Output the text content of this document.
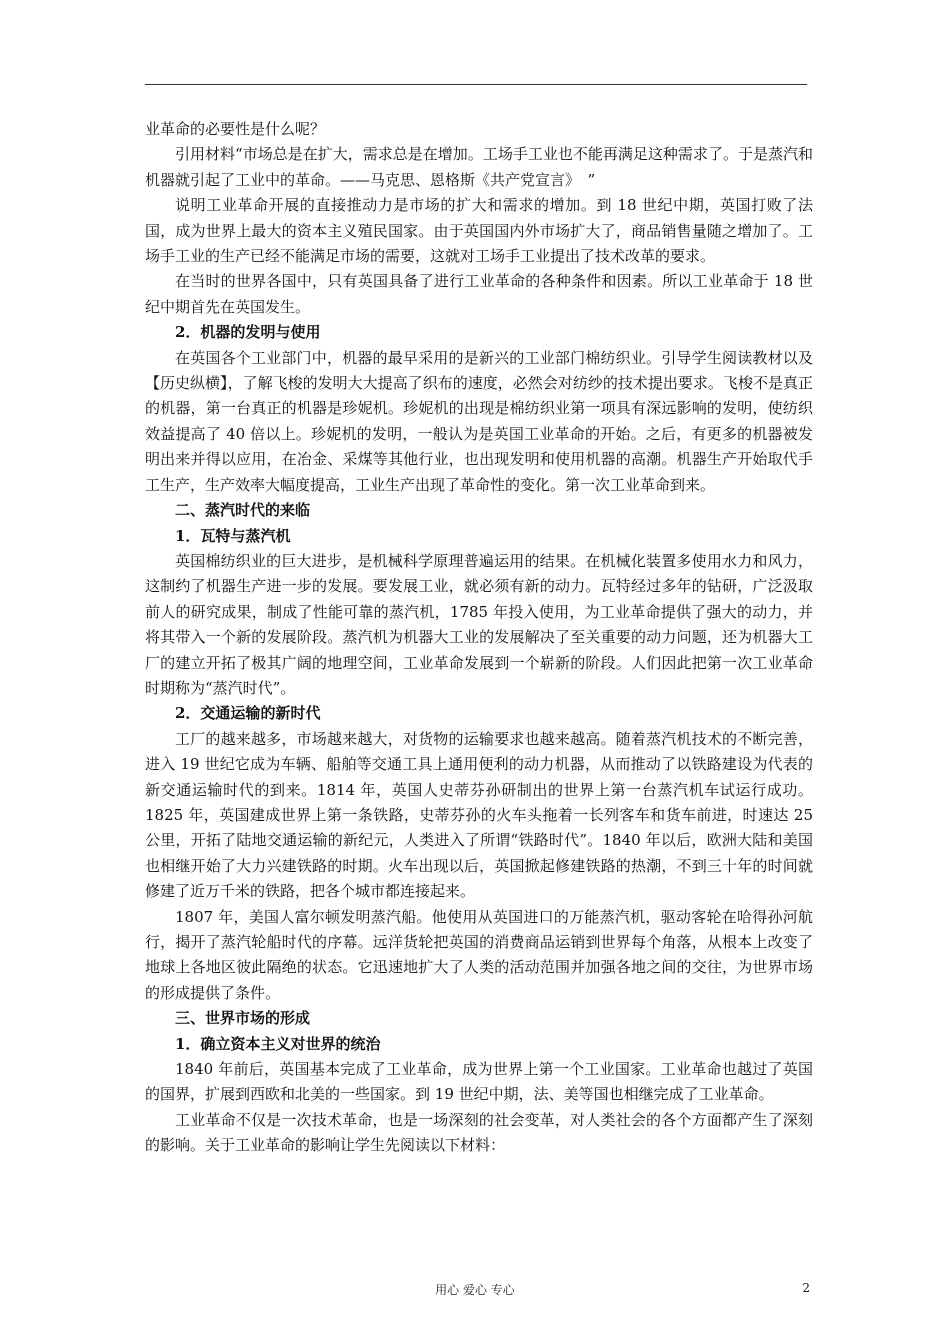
业革命的必要性是什么呢？

引用材料“市场总是在扩大，需求总是在增加。工场手工业也不能再满足这种需求了。于是蒸汽和机器就引起了工业中的革命。——马克思、恩格斯《共产党宣言》　”

说明工业革命开展的直接推动力是市场的扩大和需求的增加。到 18 世纪中期，英国打败了法国，成为世界上最大的资本主义殖民国家。由于英国国内外市场扩大了，商品销售量随之增加了。工场手工业的生产已经不能满足市场的需要，这就对工场手工业提出了技术改革的要求。

在当时的世界各国中，只有英国具备了进行工业革命的各种条件和因素。所以工业革命于 18 世纪中期首先在英国发生。

2．机器的发明与使用

在英国各个工业部门中，机器的最早采用的是新兴的工业部门棉纺织业。引导学生阅读教材以及【历史纵横】，了解飞梭的发明大大提高了织布的速度，必然会对纺纱的技术提出要求。飞梭不是真正的机器，第一台真正的机器是珍妮机。珍妮机的出现是棉纺织业第一项具有深远影响的发明，使纺织效益提高了 40 倍以上。珍妮机的发明，一般认为是英国工业革命的开始。之后，有更多的机器被发明出来并得以应用，在冶金、采煤等其他行业，也出现发明和使用机器的高潮。机器生产开始取代手工生产，生产效率大幅度提高，工业生产出现了革命性的变化。第一次工业革命到来。

二、蒸汽时代的来临

1．瓦特与蒸汽机

英国棉纺织业的巨大进步，是机械科学原理普遍运用的结果。在机械化装置多使用水力和风力，这制约了机器生产进一步的发展。要发展工业，就必须有新的动力。瓦特经过多年的钻研，广泛汲取前人的研究成果，制成了性能可靠的蒸汽机，1785 年投入使用，为工业革命提供了强大的动力，并将其带入一个新的发展阶段。蒸汽机为机器大工业的发展解决了至关重要的动力问题，还为机器大工厂的建立开拓了极其广阔的地理空间，工业革命发展到一个崭新的阶段。人们因此把第一次工业革命时期称为“蒸汽时代”。

2．交通运输的新时代

工厂的越来越多，市场越来越大，对货物的运输要求也越来越高。随着蒸汽机技术的不断完善，进入 19 世纪它成为车辆、船舶等交通工具上通用便利的动力机器，从而推动了以铁路建设为代表的新交通运输时代的到来。1814 年，英国人史蒂芬孙研制出的世界上第一台蒸汽机车试运行成功。1825 年，英国建成世界上第一条铁路，史蒂芬孙的火车头拖着一长列客车和货车前进，时速达 25 公里，开拓了陆地交通运输的新纪元，人类进入了所谓“铁路时代”。1840 年以后，欧洲大陆和美国也相继开始了大力兴建铁路的时期。火车出现以后，英国掀起修建铁路的热潮，不到三十年的时间就修建了近万千米的铁路，把各个城市都连接起来。

1807 年，美国人富尔顿发明蒸汽船。他使用从英国进口的万能蒸汽机，驱动客轮在哈得孙河航行，揭开了蒸汽轮船时代的序幕。远洋货轮把英国的消费商品运销到世界每个角落，从根本上改变了地球上各地区彼此隔绝的状态。它迅速地扩大了人类的活动范围并加强各地之间的交往，为世界市场的形成提供了条件。

三、世界市场的形成

1．确立资本主义对世界的统治

1840 年前后，英国基本完成了工业革命，成为世界上第一个工业国家。工业革命也越过了英国的国界，扩展到西欧和北美的一些国家。到 19 世纪中期，法、美等国也相继完成了工业革命。

工业革命不仅是一次技术革命，也是一场深刻的社会变革，对人类社会的各个方面都产生了深刻的影响。关于工业革命的影响让学生先阅读以下材料：

用心 爱心 专心	2
